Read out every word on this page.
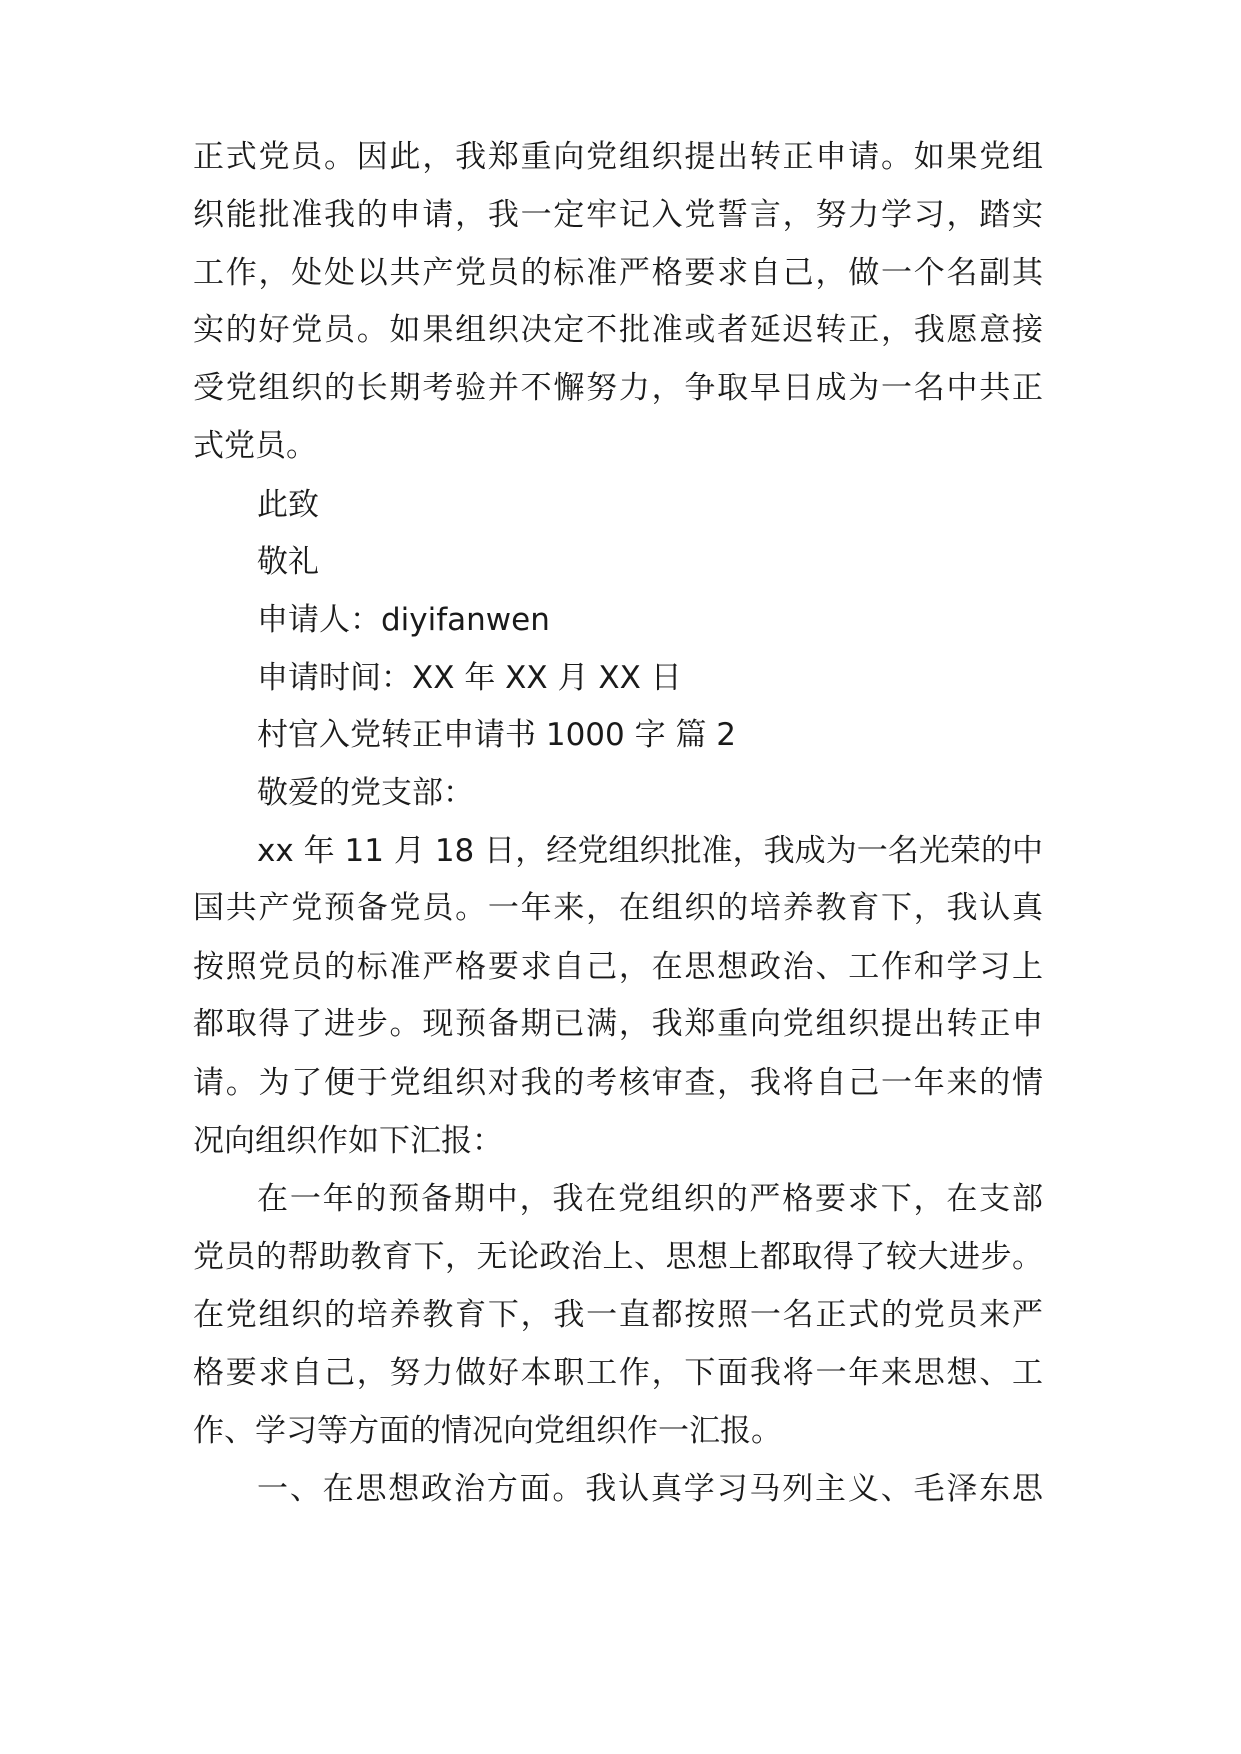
正式党员。因此，我郑重向党组织提出转正申请。如果党组
织能批准我的申请，我一定牢记入党誓言，努力学习，踏实
工作，处处以共产党员的标准严格要求自己，做一个名副其
实的好党员。如果组织决定不批准或者延迟转正，我愿意接
受党组织的长期考验并不懈努力，争取早日成为一名中共正
式党员。
此致
敬礼
申请人：diyifanwen
申请时间：XX 年 XX 月 XX 日
村官入党转正申请书 1000 字 篇 2
敬爱的党支部：
xx 年 11 月 18 日，经党组织批准，我成为一名光荣的中
国共产党预备党员。一年来，在组织的培养教育下，我认真
按照党员的标准严格要求自己，在思想政治、工作和学习上
都取得了进步。现预备期已满，我郑重向党组织提出转正申
请。为了便于党组织对我的考核审查，我将自己一年来的情
况向组织作如下汇报：
在一年的预备期中，我在党组织的严格要求下，在支部
党员的帮助教育下，无论政治上、思想上都取得了较大进步。
在党组织的培养教育下，我一直都按照一名正式的党员来严
格要求自己，努力做好本职工作，下面我将一年来思想、工
作、学习等方面的情况向党组织作一汇报。
一、在思想政治方面。我认真学习马列主义、毛泽东思
